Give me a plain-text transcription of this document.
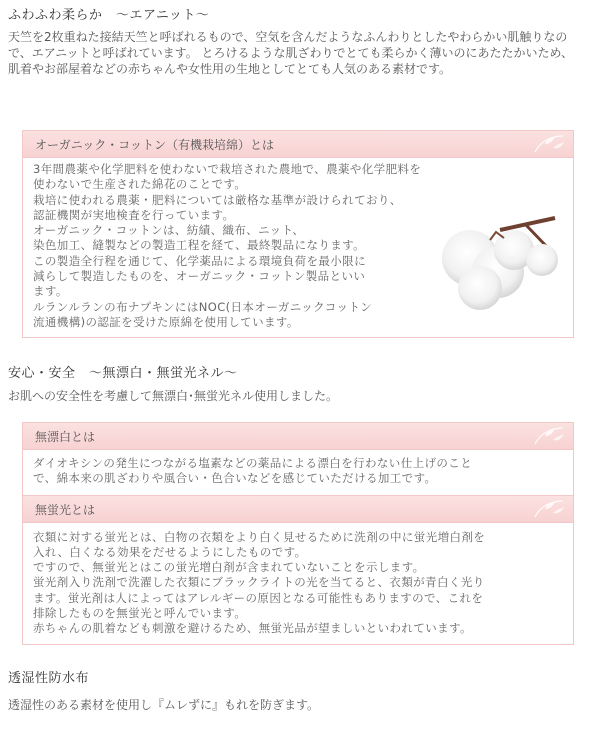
ふわふわ柔らか　～エアニット～

天竺を2枚重ねた接結天竺と呼ばれるもので、空気を含んだようなふんわりとしたやわらかい肌触りなので、エアニットと呼ばれています。 とろけるような肌ざわりでとても柔らかく薄いのにあたたかいため、肌着やお部屋着などの赤ちゃんや女性用の生地としてとても人気のある素材です。

オーガニック・コットン（有機栽培綿）とは

3年間農薬や化学肥料を使わないで栽培された農地で、農薬や化学肥料を
使わないで生産された綿花のことです。
栽培に使われる農薬・肥料については厳格な基準が設けられており、
認証機関が実地検査を行っています。
オーガニック・コットンは、紡績、織布、ニット、
染色加工、縫製などの製造工程を経て、最終製品になります。
この製造全行程を通じて、化学薬品による環境負荷を最小限に
減らして製造したものを、オーガニック・コットン製品といい
ます。
ルランルランの布ナプキンにはNOC(日本オーガニックコットン
流通機構)の認証を受けた原綿を使用しています。

安心・安全　～無漂白・無蛍光ネル～

お肌への安全性を考慮して無漂白･無蛍光ネル使用しました。

無漂白とは

ダイオキシンの発生につながる塩素などの薬品による漂白を行わない仕上げのこと
で、綿本来の肌ざわりや風合い・色合いなどを感じていただける加工です。

無蛍光とは

衣類に対する蛍光とは、白物の衣類をより白く見せるために洗剤の中に蛍光増白剤を
入れ、白くなる効果をだせるようにしたものです。
ですので、無蛍光とはこの蛍光増白剤が含まれていないことを示します。
蛍光剤入り洗剤で洗濯した衣類にブラックライトの光を当てると、衣類が青白く光り
ます。蛍光剤は人によってはアレルギーの原因となる可能性もありますので、これを
排除したものを無蛍光と呼んでいます。
赤ちゃんの肌着なども刺激を避けるため、無蛍光品が望ましいといわれています。

透湿性防水布

透湿性のある素材を使用し『ムレずに』もれを防ぎます。
